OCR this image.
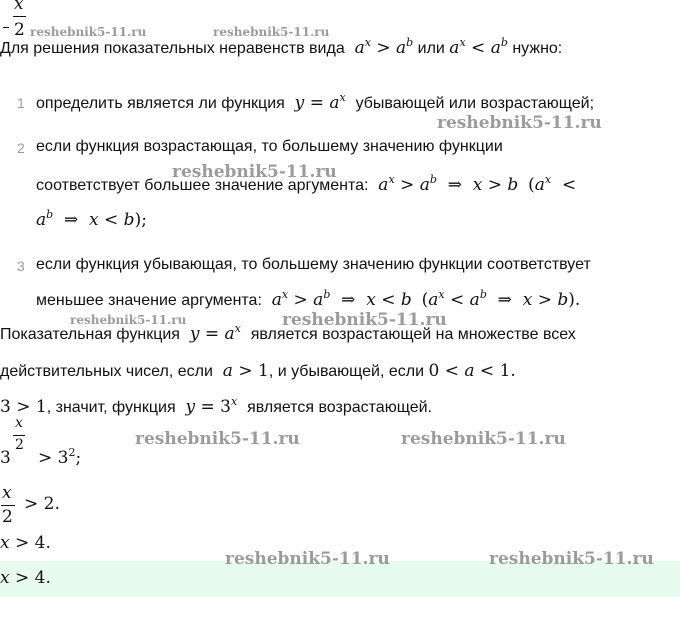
x
2
Для решения показательных неравенств вида  $a^x > a^b$ или $a^x < a^b$ нужно:
1 определить является ли функция  $y = a^x$ убывающей или возрастающей;
2 если функция возрастающая, то большему значению функции
соответствует большее значение аргумента:  $a^x > a^b$  ⇒  x > b  ($a^x$  <
$a^b$  ⇒  x < b);
3 если функция убывающая, то большему значению функции соответствует
меньшее значение аргумента:  $a^x > a^b$  ⇒  x < b  ($a^x < a^b$  ⇒  x > b).
Показательная функция  $y = a^x$ является возрастающей на множестве всех
действительных чисел, если  a > 1, и убывающей, если 0 < a < 1.
3 > 1, значит, функция  $y = 3^x$ является возрастающей.
3
x
2
> $3^2$;
x
2
> 2.
x > 4.
x > 4.
reshebnik5-11.ru	reshebnik5-11.ru
reshebnik5-11.ru
reshebnik5-11.ru
reshebnik5-11.ru	reshebnik5-11.ru
reshebnik5-11.ru	reshebnik5-11.ru
reshebnik5-11.ru	reshebnik5-11.ru
